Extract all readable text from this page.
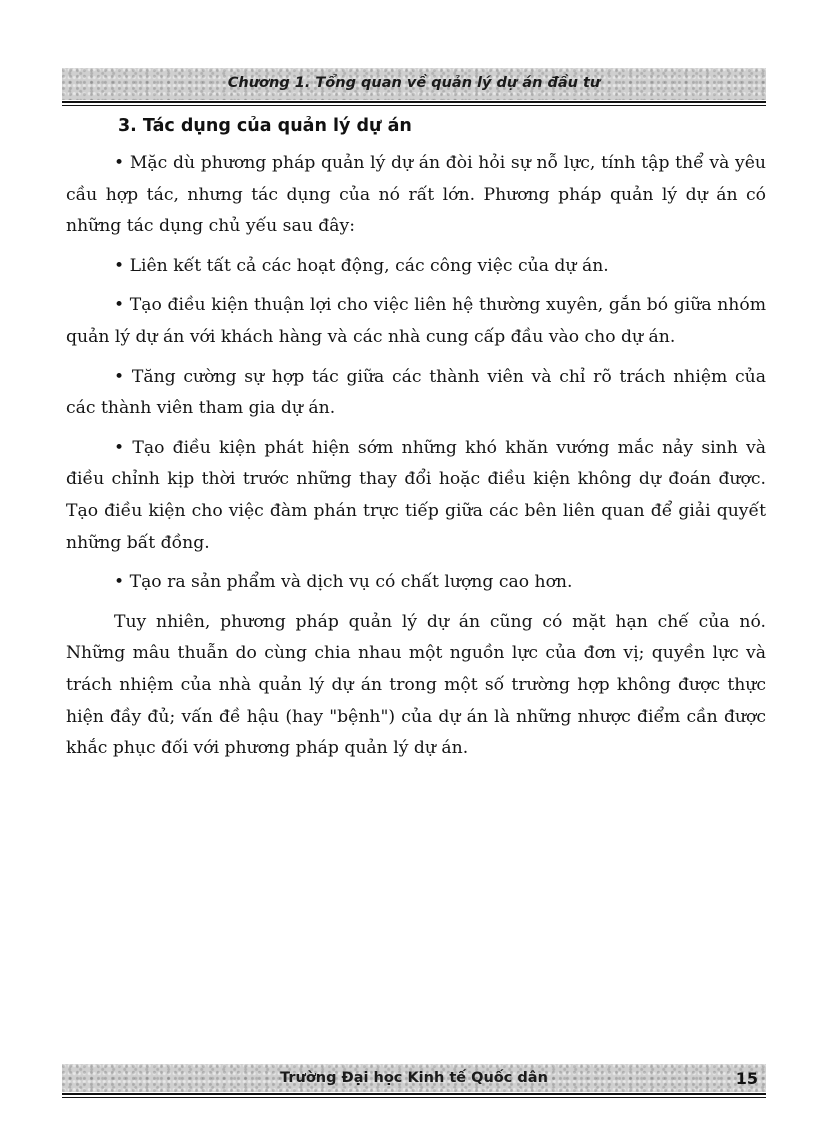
Chương 1. Tổng quan về quản lý dự án đầu tư
3. Tác dụng của quản lý dự án

• Mặc dù phương pháp quản lý dự án đòi hỏi sự nỗ lực, tính tập thể và yêu cầu hợp tác, nhưng tác dụng của nó rất lớn. Phương pháp quản lý dự án có những tác dụng chủ yếu sau đây:

• Liên kết tất cả các hoạt động, các công việc của dự án.

• Tạo điều kiện thuận lợi cho việc liên hệ thường xuyên, gắn bó giữa nhóm quản lý dự án với khách hàng và các nhà cung cấp đầu vào cho dự án.

• Tăng cường sự hợp tác giữa các thành viên và chỉ rõ trách nhiệm của các thành viên tham gia dự án.

• Tạo điều kiện phát hiện sớm những khó khăn vướng mắc nảy sinh và điều chỉnh kịp thời trước những thay đổi hoặc điều kiện không dự đoán được. Tạo điều kiện cho việc đàm phán trực tiếp giữa các bên liên quan để giải quyết những bất đồng.

• Tạo ra sản phẩm và dịch vụ có chất lượng cao hơn.

Tuy nhiên, phương pháp quản lý dự án cũng có mặt hạn chế của nó. Những mâu thuẫn do cùng chia nhau một nguồn lực của đơn vị; quyền lực và trách nhiệm của nhà quản lý dự án trong một số trường hợp không được thực hiện đầy đủ; vấn đề hậu (hay "bệnh") của dự án là những nhược điểm cần được khắc phục đối với phương pháp quản lý dự án.

Trường Đại học Kinh tế Quốc dân	15
